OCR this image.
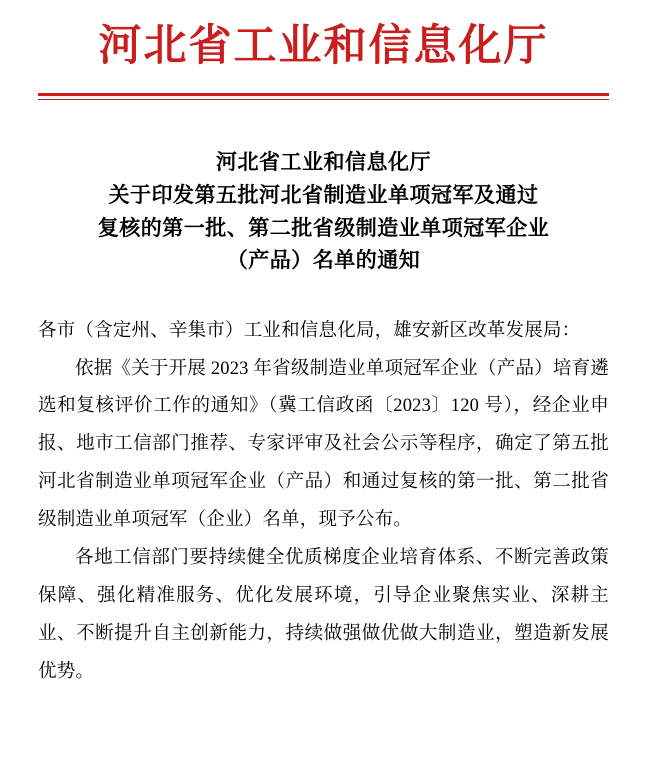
河北省工业和信息化厅
河北省工业和信息化厅
关于印发第五批河北省制造业单项冠军及通过
复核的第一批、第二批省级制造业单项冠军企业
（产品）名单的通知

各市（含定州、辛集市）工业和信息化局，雄安新区改革发展局：

依据《关于开展 2023 年省级制造业单项冠军企业（产品）培育遴选和复核评价工作的通知》（冀工信政函〔2023〕120 号），经企业申报、地市工信部门推荐、专家评审及社会公示等程序，确定了第五批河北省制造业单项冠军企业（产品）和通过复核的第一批、第二批省级制造业单项冠军（企业）名单，现予公布。

各地工信部门要持续健全优质梯度企业培育体系、不断完善政策保障、强化精准服务、优化发展环境，引导企业聚焦实业、深耕主业、不断提升自主创新能力，持续做强做优做大制造业，塑造新发展优势。
